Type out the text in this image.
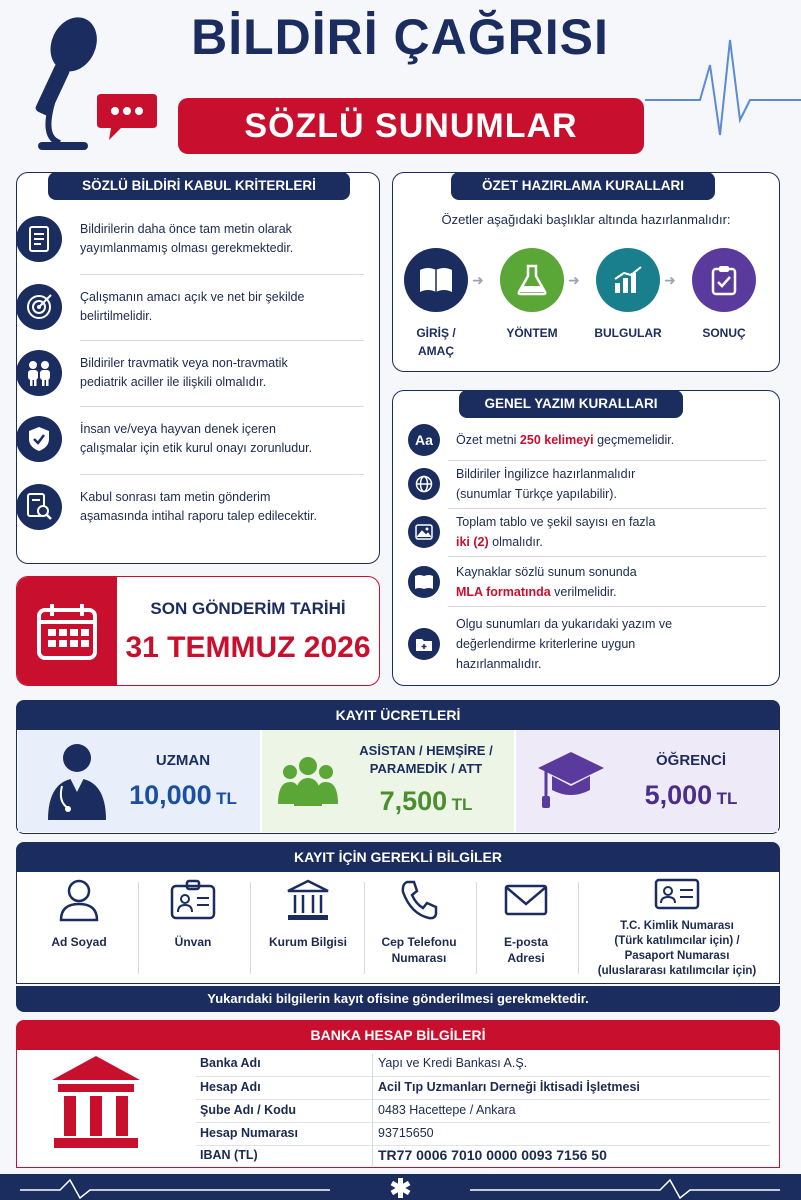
BİLDİRİ ÇAĞRISI
SÖZLÜ SUNUMLAR
SÖZLÜ BİLDİRİ KABUL KRİTERLERİ
Bildirilerin daha önce tam metin olarak
yayımlanmamış olması gerekmektedir.
Çalışmanın amacı açık ve net bir şekilde
belirtilmelidir.
Bildiriler travmatik veya non-travmatik
pediatrik aciller ile ilişkili olmalıdır.
İnsan ve/veya hayvan denek içeren
çalışmalar için etik kurul onayı zorunludur.
Kabul sonrası tam metin gönderim
aşamasında intihal raporu talep edilecektir.
SON GÖNDERİM TARİHİ
31 TEMMUZ 2026
ÖZET HAZIRLAMA KURALLARI
Özetler aşağıdaki başlıklar altında hazırlanmalıdır:
➜	➜	➜
GİRİŞ /
AMAÇ
YÖNTEM	BULGULAR	SONUÇ
GENEL YAZIM KURALLARI
Aa	Özet metni 250 kelimeyi geçmemelidir.
Bildiriler İngilizce hazırlanmalıdır
(sunumlar Türkçe yapılabilir).
Toplam tablo ve şekil sayısı en fazla
iki (2) olmalıdır.
Kaynaklar sözlü sunum sonunda
MLA formatında verilmelidir.
Olgu sunumları da yukarıdaki yazım ve
değerlendirme kriterlerine uygun
hazırlanmalıdır.
KAYIT ÜCRETLERİ
UZMAN
10,000 TL
ASİSTAN / HEMŞİRE /
PARAMEDİK / ATT
7,500 TL
ÖĞRENCİ
5,000 TL
KAYIT İÇİN GEREKLİ BİLGİLER
Ad Soyad	Ünvan	Kurum Bilgisi	Cep Telefonu
Numarası
E-posta
Adresi
T.C. Kimlik Numarası
(Türk katılımcılar için) /
Pasaport Numarası
(uluslararası katılımcılar için)
Yukarıdaki bilgilerin kayıt ofisine gönderilmesi gerekmektedir.
BANKA HESAP BİLGİLERİ
Banka Adı	Yapı ve Kredi Bankası A.Ş.
Hesap Adı	Acil Tıp Uzmanları Derneği İktisadi İşletmesi
Şube Adı / Kodu	0483 Hacettepe / Ankara
Hesap Numarası	93715650
IBAN (TL)	TR77 0006 7010 0000 0093 7156 50
